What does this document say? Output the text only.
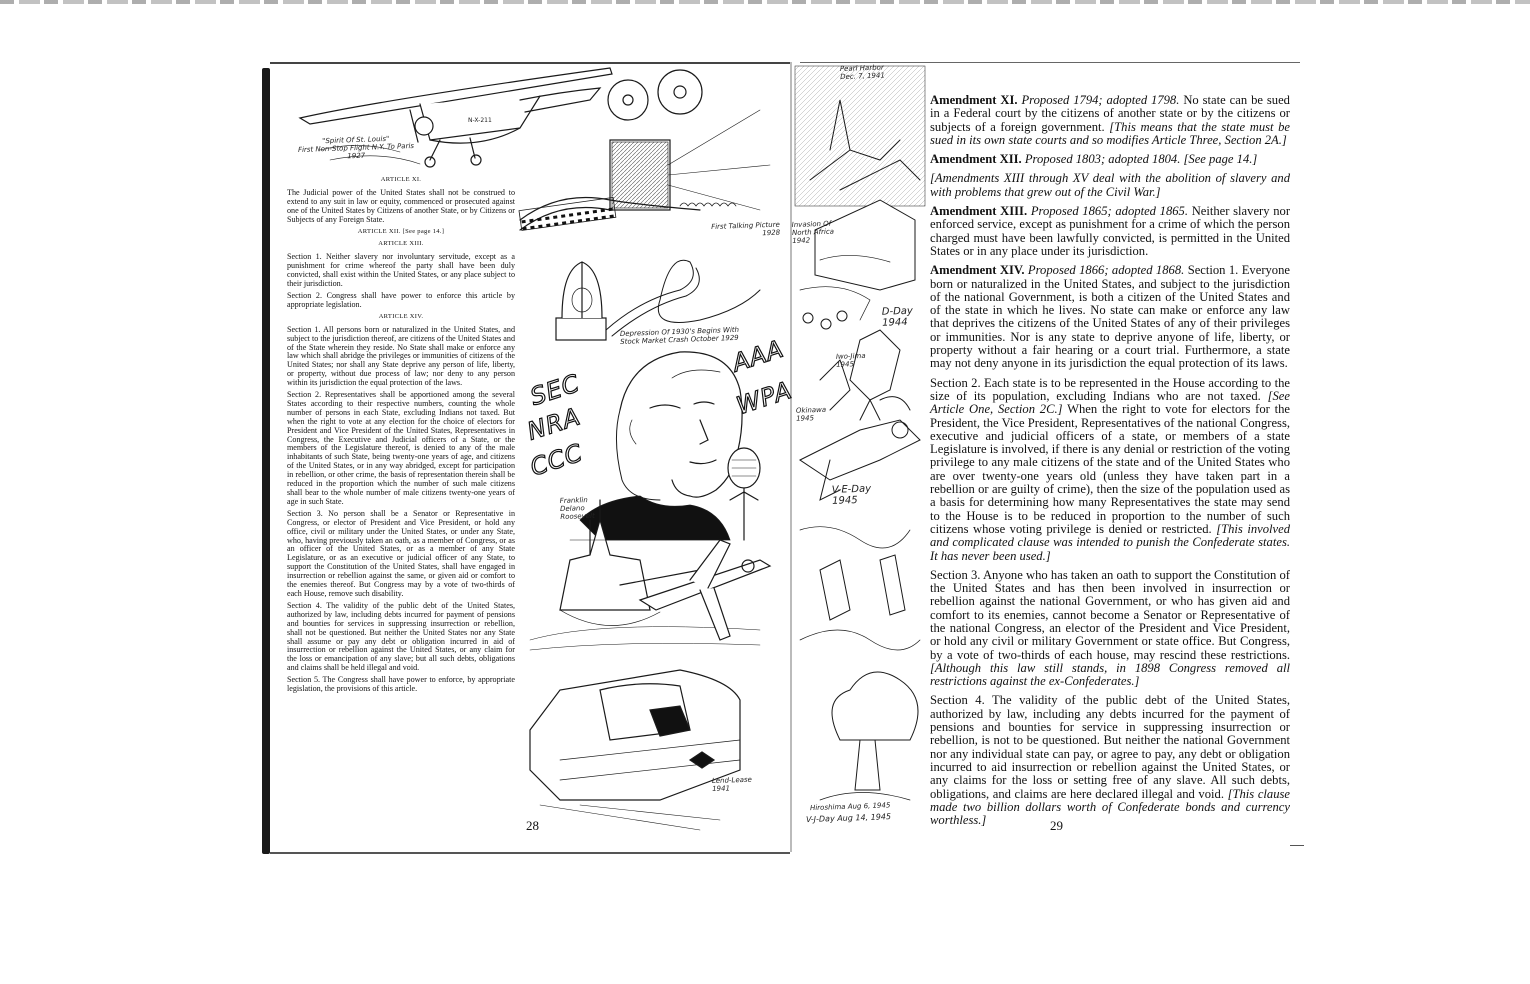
N-X-211
"Spirit Of St. Louis"
First Non-Stop Flight N.Y. To Paris
1927
First Talking Picture
1928
Depression Of 1930's Begins With
Stock Market Crash October 1929
Franklin
Delano
Roosevelt
SEC
NRA
CCC
AAA
WPA
Lend-Lease
1941
Pearl Harbor
Dec. 7, 1941
Invasion Of
North Africa
1942
D-Day
1944
Iwo-Jima
1945
Okinawa
1945
V-E-Day
1945
Hiroshima Aug 6, 1945
V-J-Day Aug 14, 1945
ARTICLE XI.

The Judicial power of the United States shall not be construed to extend to any suit in law or equity, commenced or prosecuted against one of the United States by Citizens of another State, or by Citizens or Subjects of any Foreign State.

ARTICLE XII. [See page 14.]
ARTICLE XIII.

Section 1. Neither slavery nor involuntary servitude, except as a punishment for crime whereof the party shall have been duly convicted, shall exist within the United States, or any place subject to their jurisdiction.

Section 2. Congress shall have power to enforce this article by appropriate legislation.

ARTICLE XIV.

Section 1. All persons born or naturalized in the United States, and subject to the jurisdiction thereof, are citizens of the United States and of the State wherein they reside. No State shall make or enforce any law which shall abridge the privileges or immunities of citizens of the United States; nor shall any State deprive any person of life, liberty, or property, without due process of law; nor deny to any person within its jurisdiction the equal protection of the laws.

Section 2. Representatives shall be apportioned among the several States according to their respective numbers, counting the whole number of persons in each State, excluding Indians not taxed. But when the right to vote at any election for the choice of electors for President and Vice President of the United States, Representatives in Congress, the Executive and Judicial officers of a State, or the members of the Legislature thereof, is denied to any of the male inhabitants of such State, being twenty-one years of age, and citizens of the United States, or in any way abridged, except for participation in rebellion, or other crime, the basis of representation therein shall be reduced in the proportion which the number of such male citizens shall bear to the whole number of male citizens twenty-one years of age in such State.

Section 3. No person shall be a Senator or Representative in Congress, or elector of President and Vice President, or hold any office, civil or military under the United States, or under any State, who, having previously taken an oath, as a member of Congress, or as an officer of the United States, or as a member of any State Legislature, or as an executive or judicial officer of any State, to support the Constitution of the United States, shall have engaged in insurrection or rebellion against the same, or given aid or comfort to the enemies thereof. But Congress may by a vote of two-thirds of each House, remove such disability.

Section 4. The validity of the public debt of the United States, authorized by law, including debts incurred for payment of pensions and bounties for services in suppressing insurrection or rebellion, shall not be questioned. But neither the United States nor any State shall assume or pay any debt or obligation incurred in aid of insurrection or rebellion against the United States, or any claim for the loss or emancipation of any slave; but all such debts, obligations and claims shall be held illegal and void.

Section 5. The Congress shall have power to enforce, by appropriate legislation, the provisions of this article.

28

Amendment XI. Proposed 1794; adopted 1798. No state can be sued in a Federal court by the citizens of another state or by the citizens or subjects of a foreign government. [This means that the state must be sued in its own state courts and so modifies Article Three, Section 2A.]

Amendment XII. Proposed 1803; adopted 1804. [See page 14.]

[Amendments XIII through XV deal with the abolition of slavery and with problems that grew out of the Civil War.]

Amendment XIII. Proposed 1865; adopted 1865. Neither slavery nor enforced service, except as punishment for a crime of which the person charged must have been lawfully convicted, is permitted in the United States or in any place under its jurisdiction.

Amendment XIV. Proposed 1866; adopted 1868. Section 1. Everyone born or naturalized in the United States, and subject to the jurisdiction of the national Government, is both a citizen of the United States and of the state in which he lives. No state can make or enforce any law that deprives the citizens of the United States of any of their privileges or immunities. Nor is any state to deprive anyone of life, liberty, or property without a fair hearing or a court trial. Furthermore, a state may not deny anyone in its jurisdiction the equal protection of its laws.

Section 2. Each state is to be represented in the House according to the size of its population, excluding Indians who are not taxed. [See Article One, Section 2C.] When the right to vote for electors for the President, the Vice President, Representatives of the national Congress, executive and judicial officers of a state, or members of a state Legislature is involved, if there is any denial or restriction of the voting privilege to any male citizens of the state and of the United States who are over twenty-one years old (unless they have taken part in a rebellion or are guilty of crime), then the size of the population used as a basis for determining how many Representatives the state may send to the House is to be reduced in proportion to the number of such citizens whose voting privilege is denied or restricted. [This involved and complicated clause was intended to punish the Confederate states. It has never been used.]

Section 3. Anyone who has taken an oath to support the Constitution of the United States and has then been involved in insurrection or rebellion against the national Government, or who has given aid and comfort to its enemies, cannot become a Senator or Representative of the national Congress, an elector of the President and Vice President, or hold any civil or military Government or state office. But Congress, by a vote of two-thirds of each house, may rescind these restrictions. [Although this law still stands, in 1898 Congress removed all restrictions against the ex-Confederates.]

Section 4. The validity of the public debt of the United States, authorized by law, including any debts incurred for the payment of pensions and bounties for service in suppressing insurrection or rebellion, is not to be questioned. But neither the national Government nor any individual state can pay, or agree to pay, any debt or obligation incurred to aid insurrection or rebellion against the United States, or any claims for the loss or setting free of any slave. All such debts, obligations, and claims are here declared illegal and void. [This clause made two billion dollars worth of Confederate bonds and currency worthless.]	29
